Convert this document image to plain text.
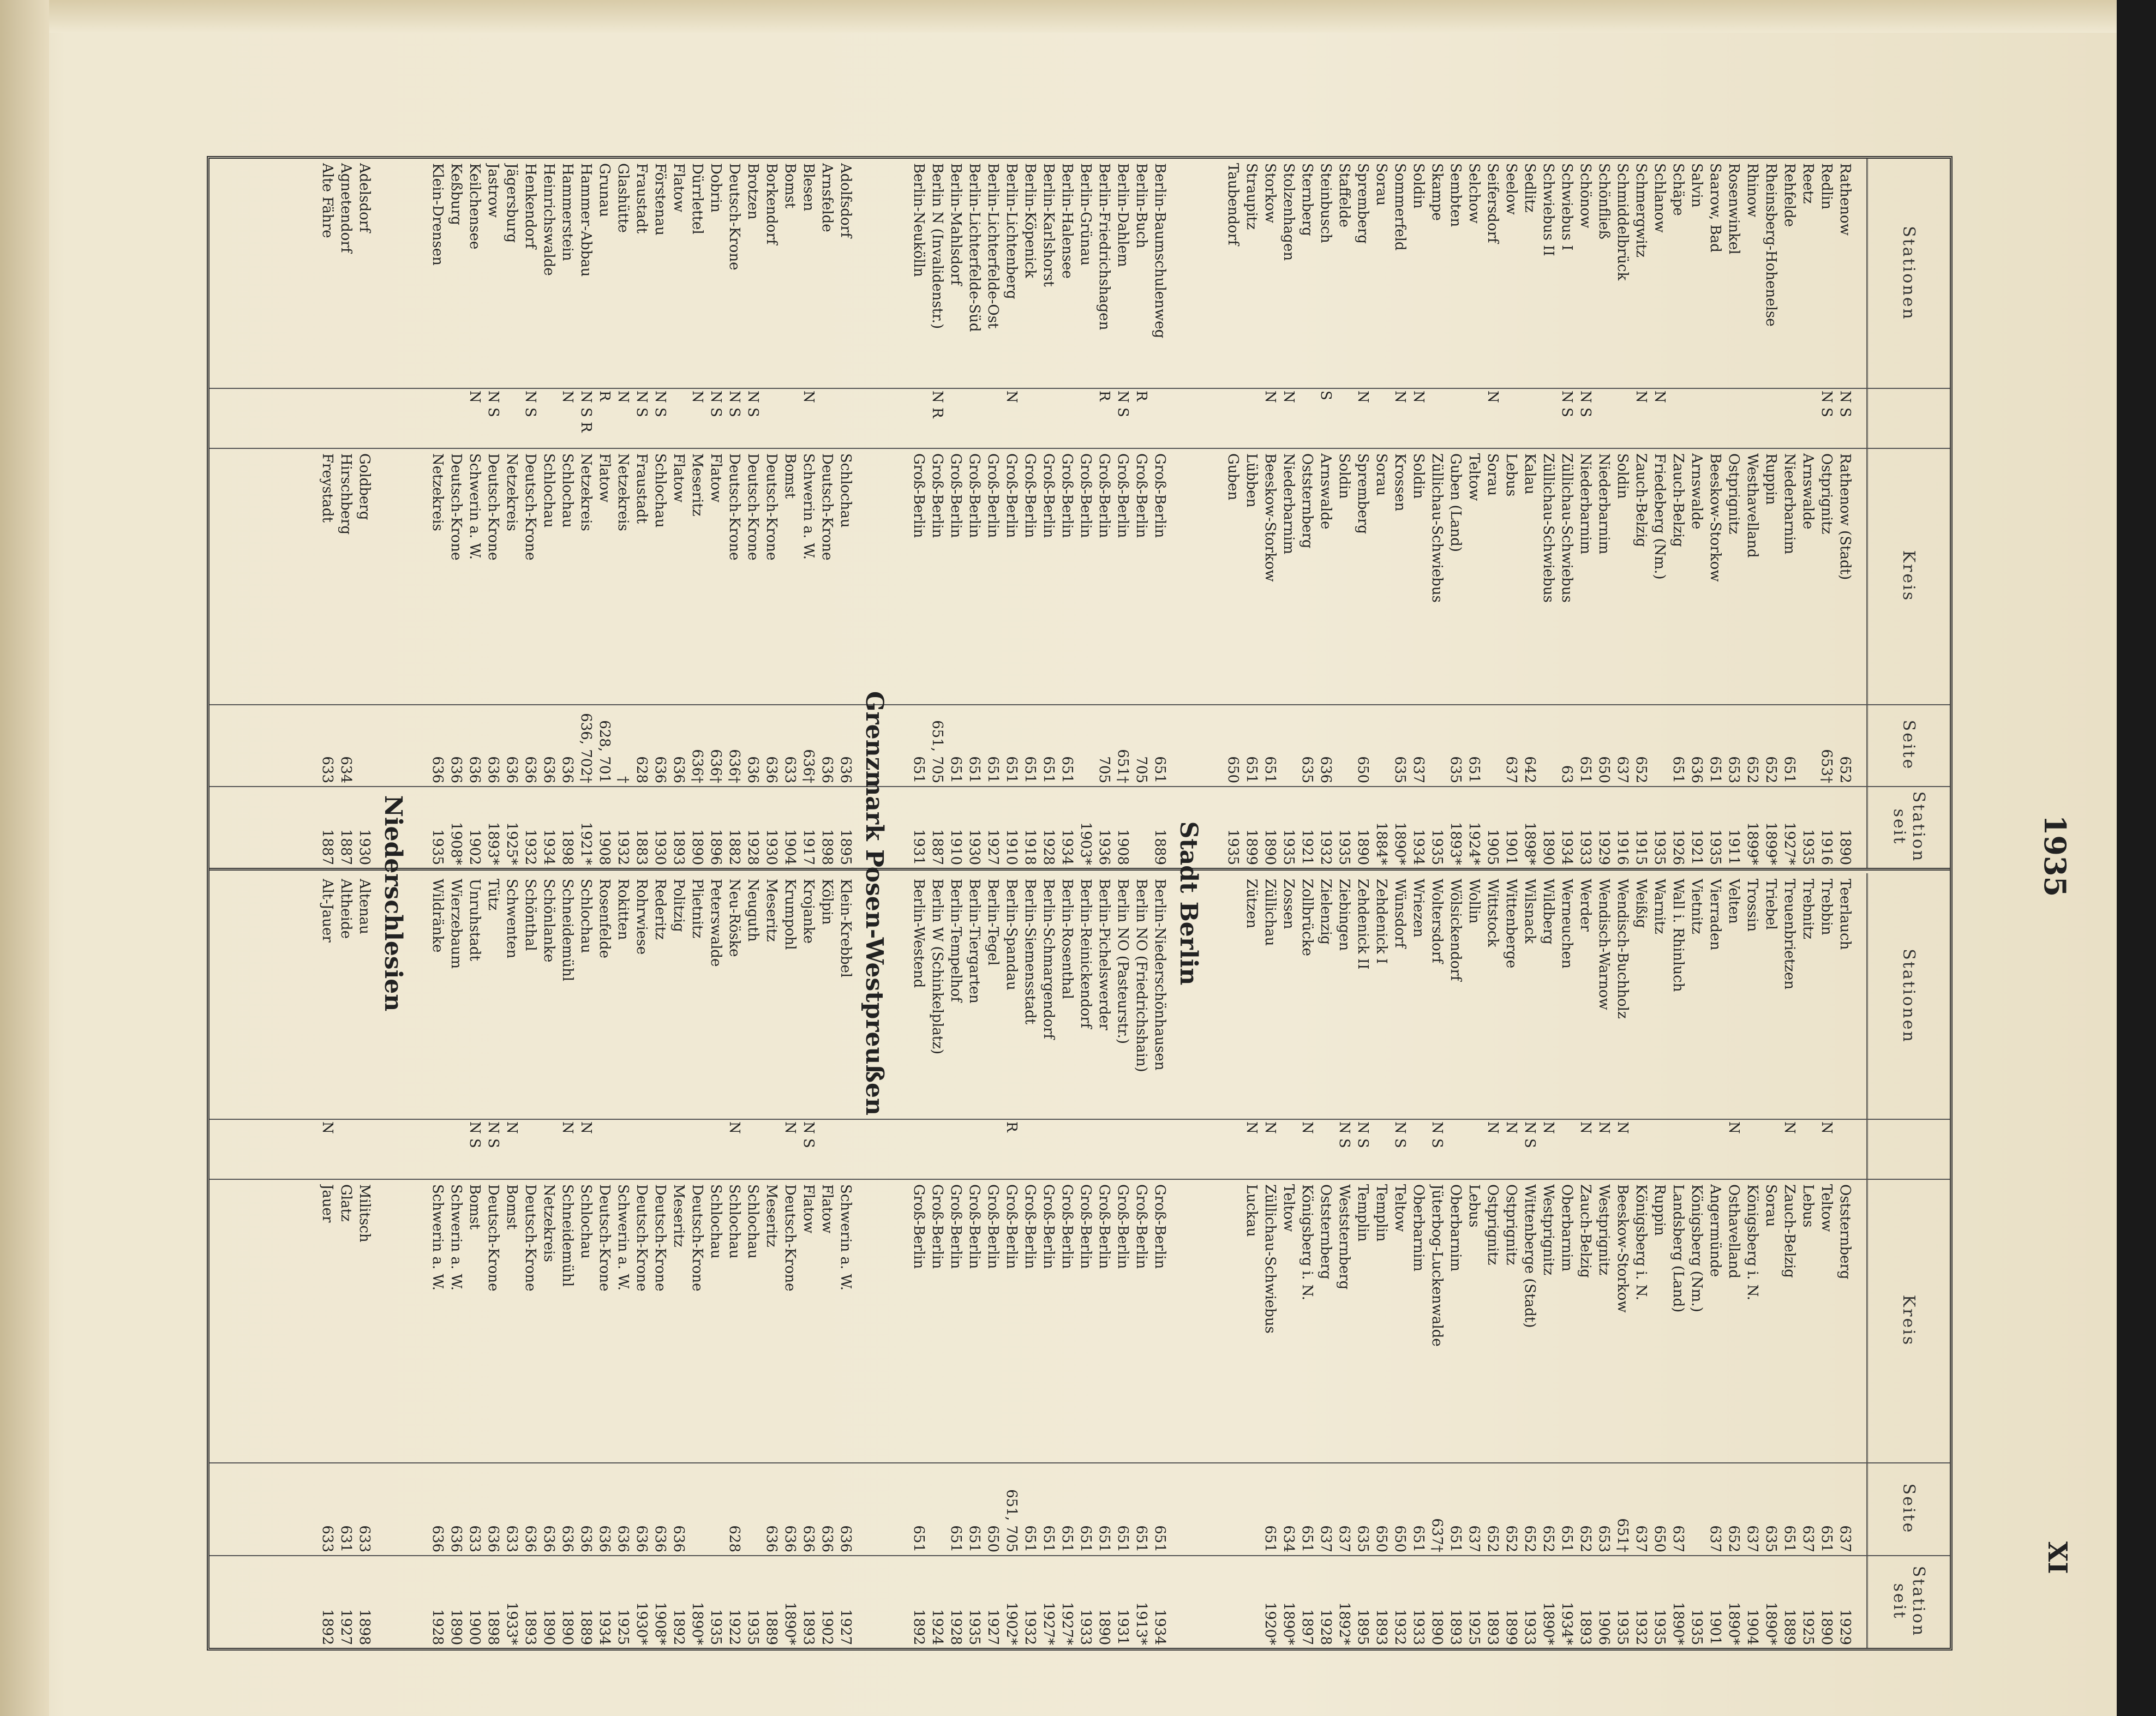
1935
XI
Stationen
Kreis
Seite
Station seit
Stationen
Kreis
Seite
Station seit
Rathenow
N S
Rathenow (Stadt)
652
1890
Teerlauch
Oststernberg
637
1929
Redlin
N S
Ostprignitz
653†
1916
Trebbin
N
Teltow
651
1890
Reetz
Arnswalde
1935
Trebnitz
Lebus
637
1925
Rehfelde
Niederbarnim
651
1927*
Treuenbrietzen
N
Zauch-Belzig
651
1889
Rheinsberg-Hohenelse
Ruppin
652
1899*
Triebel
Sorau
635
1890*
Rhinow
Westhavelland
652
1899*
Trossin
Königsberg i. N.
637
1904
Rosenwinkel
Ostprignitz
653
1911
Velten
N
Osthavelland
652
1890*
Saarow, Bad
Beeskow-Storkow
651
1935
Vierraden
Angermünde
637
1901
Salvin
Arnswalde
636
1921
Vietnitz
Königsberg (Nm.)
1935
Schäpe
Zauch-Belzig
651
1926
Wall i. Rhinluch
Landsberg (Land)
637
1890*
Schlanow
N
Friedeberg (Nm.)
1935
Warnitz
Ruppin
650
1935
Schmergwitz
N
Zauch-Belzig
652
1915
Weißig
Königsberg i. N.
637
1932
Schmiddelbrück
Soldin
637
1916
Wendisch-Buchholz
N
Beeskow-Storkow
651†
1935
Schönfließ
Niederbarnim
650
1929
Wendisch-Warnow
N
Westprignitz
653
1906
Schönow
N S
Niederbarnim
651
1933
Werder
N
Zauch-Belzig
652
1893
Schwiebus I
N S
Züllichau-Schwiebus
63
1934
Werneuchen
Oberbarnim
651
1934*
Schwiebus II
Züllichau-Schwiebus
1890
Wildberg
N
Westprignitz
652
1890*
Sedlitz
Kalau
642
1898*
Wilsnack
N S
Wittenberge (Stadt)
652
1933
Seelow
Lebus
637
1901
Wittenberge
N
Ostprignitz
652
1899
Seifersdorf
N
Sorau
1905
Wittstock
N
Ostprignitz
652
1893
Selchow
Teltow
651
1924*
Wollin
Lebus
637
1925
Sembten
Guben (Land)
635
1893*
Wölsickendorf
Oberbarnim
651
1893
Skampe
Züllichau-Schwiebus
1935
Woltersdorf
N S
Jüterbog-Luckenwalde
637†
1890
Soldin
N
Soldin
637
1934
Wriezen
Oberbarnim
651
1933
Sommerfeld
N
Krossen
635
1890*
Wünsdorf
N S
Teltow
650
1932
Sorau
Sorau
1884*
Zehdenick I
Templin
650
1893
Spremberg
N
Spremberg
650
1890
Zehdenick II
N S
Templin
635
1895
Staffelde
Soldin
1935
Ziebingen
N S
Weststernberg
637
1892*
Steinbusch
S
Arnswalde
636
1932
Zielenzig
Oststernberg
637
1928
Sternberg
Oststernberg
635
1921
Zollbrücke
N
Königsberg i. N.
651
1897
Stolzenhagen
N
Niederbarnim
1935
Zossen
Teltow
634
1890*
Storkow
N
Beeskow-Storkow
651
1890
Züllichau
N
Züllichau-Schwiebus
651
1920*
Straupitz
Lübben
651
1899
Zützen
N
Luckau
Taubendorf
Guben
650
1935
Stadt Berlin
Berlin-Baumschulenweg
Groß-Berlin
651
1889
Berlin-Niederschönhausen
Groß-Berlin
651
1934
Berlin-Buch
R
Groß-Berlin
705
Berlin NO (Friedrichshain)
Groß-Berlin
651
1913*
Berlin-Dahlem
N S
Groß-Berlin
651†
1908
Berlin NO (Pasteurstr.)
Groß-Berlin
651
1931
Berlin-Friedrichshagen
R
Groß-Berlin
705
1936
Berlin-Pichelswerder
Groß-Berlin
651
1890
Berlin-Grünau
Groß-Berlin
1903*
Berlin-Reinickendorf
Groß-Berlin
651
1933
Berlin-Halensee
Groß-Berlin
651
1934
Berlin-Rosenthal
Groß-Berlin
651
1927*
Berlin-Karlshorst
Groß-Berlin
651
1928
Berlin-Schmargendorf
Groß-Berlin
651
1927*
Berlin-Köpenick
Groß-Berlin
651
1918
Berlin-Siemensstadt
Groß-Berlin
651
1932
Berlin-Lichtenberg
N
Groß-Berlin
651
1910
Berlin-Spandau
R
Groß-Berlin
651, 705
1902*
Berlin-Lichterfelde-Ost
Groß-Berlin
651
1927
Berlin-Tegel
Groß-Berlin
650
1927
Berlin-Lichterfelde-Süd
Groß-Berlin
651
1930
Berlin-Tiergarten
Groß-Berlin
651
1935
Berlin-Mahlsdorf
Groß-Berlin
651
1910
Berlin-Tempelhof
Groß-Berlin
651
1928
Berlin N (Invalidenstr.)
N R
Groß-Berlin
651, 705
1887
Berlin W (Schinkelplatz)
Groß-Berlin
1924
Berlin-Neukölln
Groß-Berlin
651
1931
Berlin-Westend
Groß-Berlin
651
1892
Grenzmark Posen-Westpreußen
Adolfsdorf
Schlochau
636
1895
Klein-Krebbel
Schwerin a. W.
636
1927
Arnsfelde
Deutsch-Krone
636
1898
Kölpin
Flatow
636
1902
Blesen
N
Schwerin a. W.
636†
1917
Krojanke
N S
Flatow
636
1893
Bomst
Bomst
633
1904
Krumpohl
N
Deutsch-Krone
636
1890*
Borkendorf
Deutsch-Krone
636
1930
Meseritz
Meseritz
636
1889
Brotzen
N S
Deutsch-Krone
636
1928
Neuguth
Schlochau
1935
Deutsch-Krone
N S
Deutsch-Krone
636†
1882
Neu-Röske
N
Schlochau
628
1922
Dobrin
N S
Flatow
636†
1896
Peterswalde
Schlochau
1935
Dürrlettel
N
Meseritz
636†
1890
Plietnitz
Deutsch-Krone
1890*
Flatow
Flatow
636
1893
Politzig
Meseritz
636
1892
Förstenau
N S
Schlochau
636
1930
Rederitz
Deutsch-Krone
636
1908*
Fraustadt
N S
Fraustadt
628
1883
Rohrwiese
Deutsch-Krone
636
1930*
Glashütte
N
Netzekreis
†
1932
Rokitten
Schwerin a. W.
636
1925
Grunau
R
Flatow
628, 701
1908
Rosenfelde
Deutsch-Krone
636
1934
Hammer-Abbau
N S R
Netzekreis
636, 702†
1921*
Schlochau
N
Schlochau
636
1889
Hammerstein
N
Schlochau
636
1898
Schneidemühl
N
Schneidemühl
636
1890
Heinrichswalde
Schlochau
636
1934
Schönlanke
Netzekreis
636
1890
Henkendorf
N S
Deutsch-Krone
636
1932
Schönthal
Deutsch-Krone
636
1893
Jägersburg
Netzekreis
636
1925*
Schwenten
N
Bomst
633
1933*
Jastrow
N S
Deutsch-Krone
636
1893*
Tütz
N S
Deutsch-Krone
636
1898
Keilchensee
N
Schwerin a. W.
636
1902
Unruhstadt
N S
Bomst
633
1900
Keßburg
Deutsch-Krone
636
1908*
Wierzebaum
Schwerin a. W.
636
1890
Klein-Drensen
Netzekreis
636
1935
Wildränke
Schwerin a. W.
636
1928
Niederschlesien
Adelsdorf
Goldberg
1930
Altenau
Militsch
633
1898
Agnetendorf
Hirschberg
634
1887
Altheide
Glatz
631
1927
Alte Fähre
Freystadt
633
1887
Alt-Jauer
N
Jauer
633
1892
